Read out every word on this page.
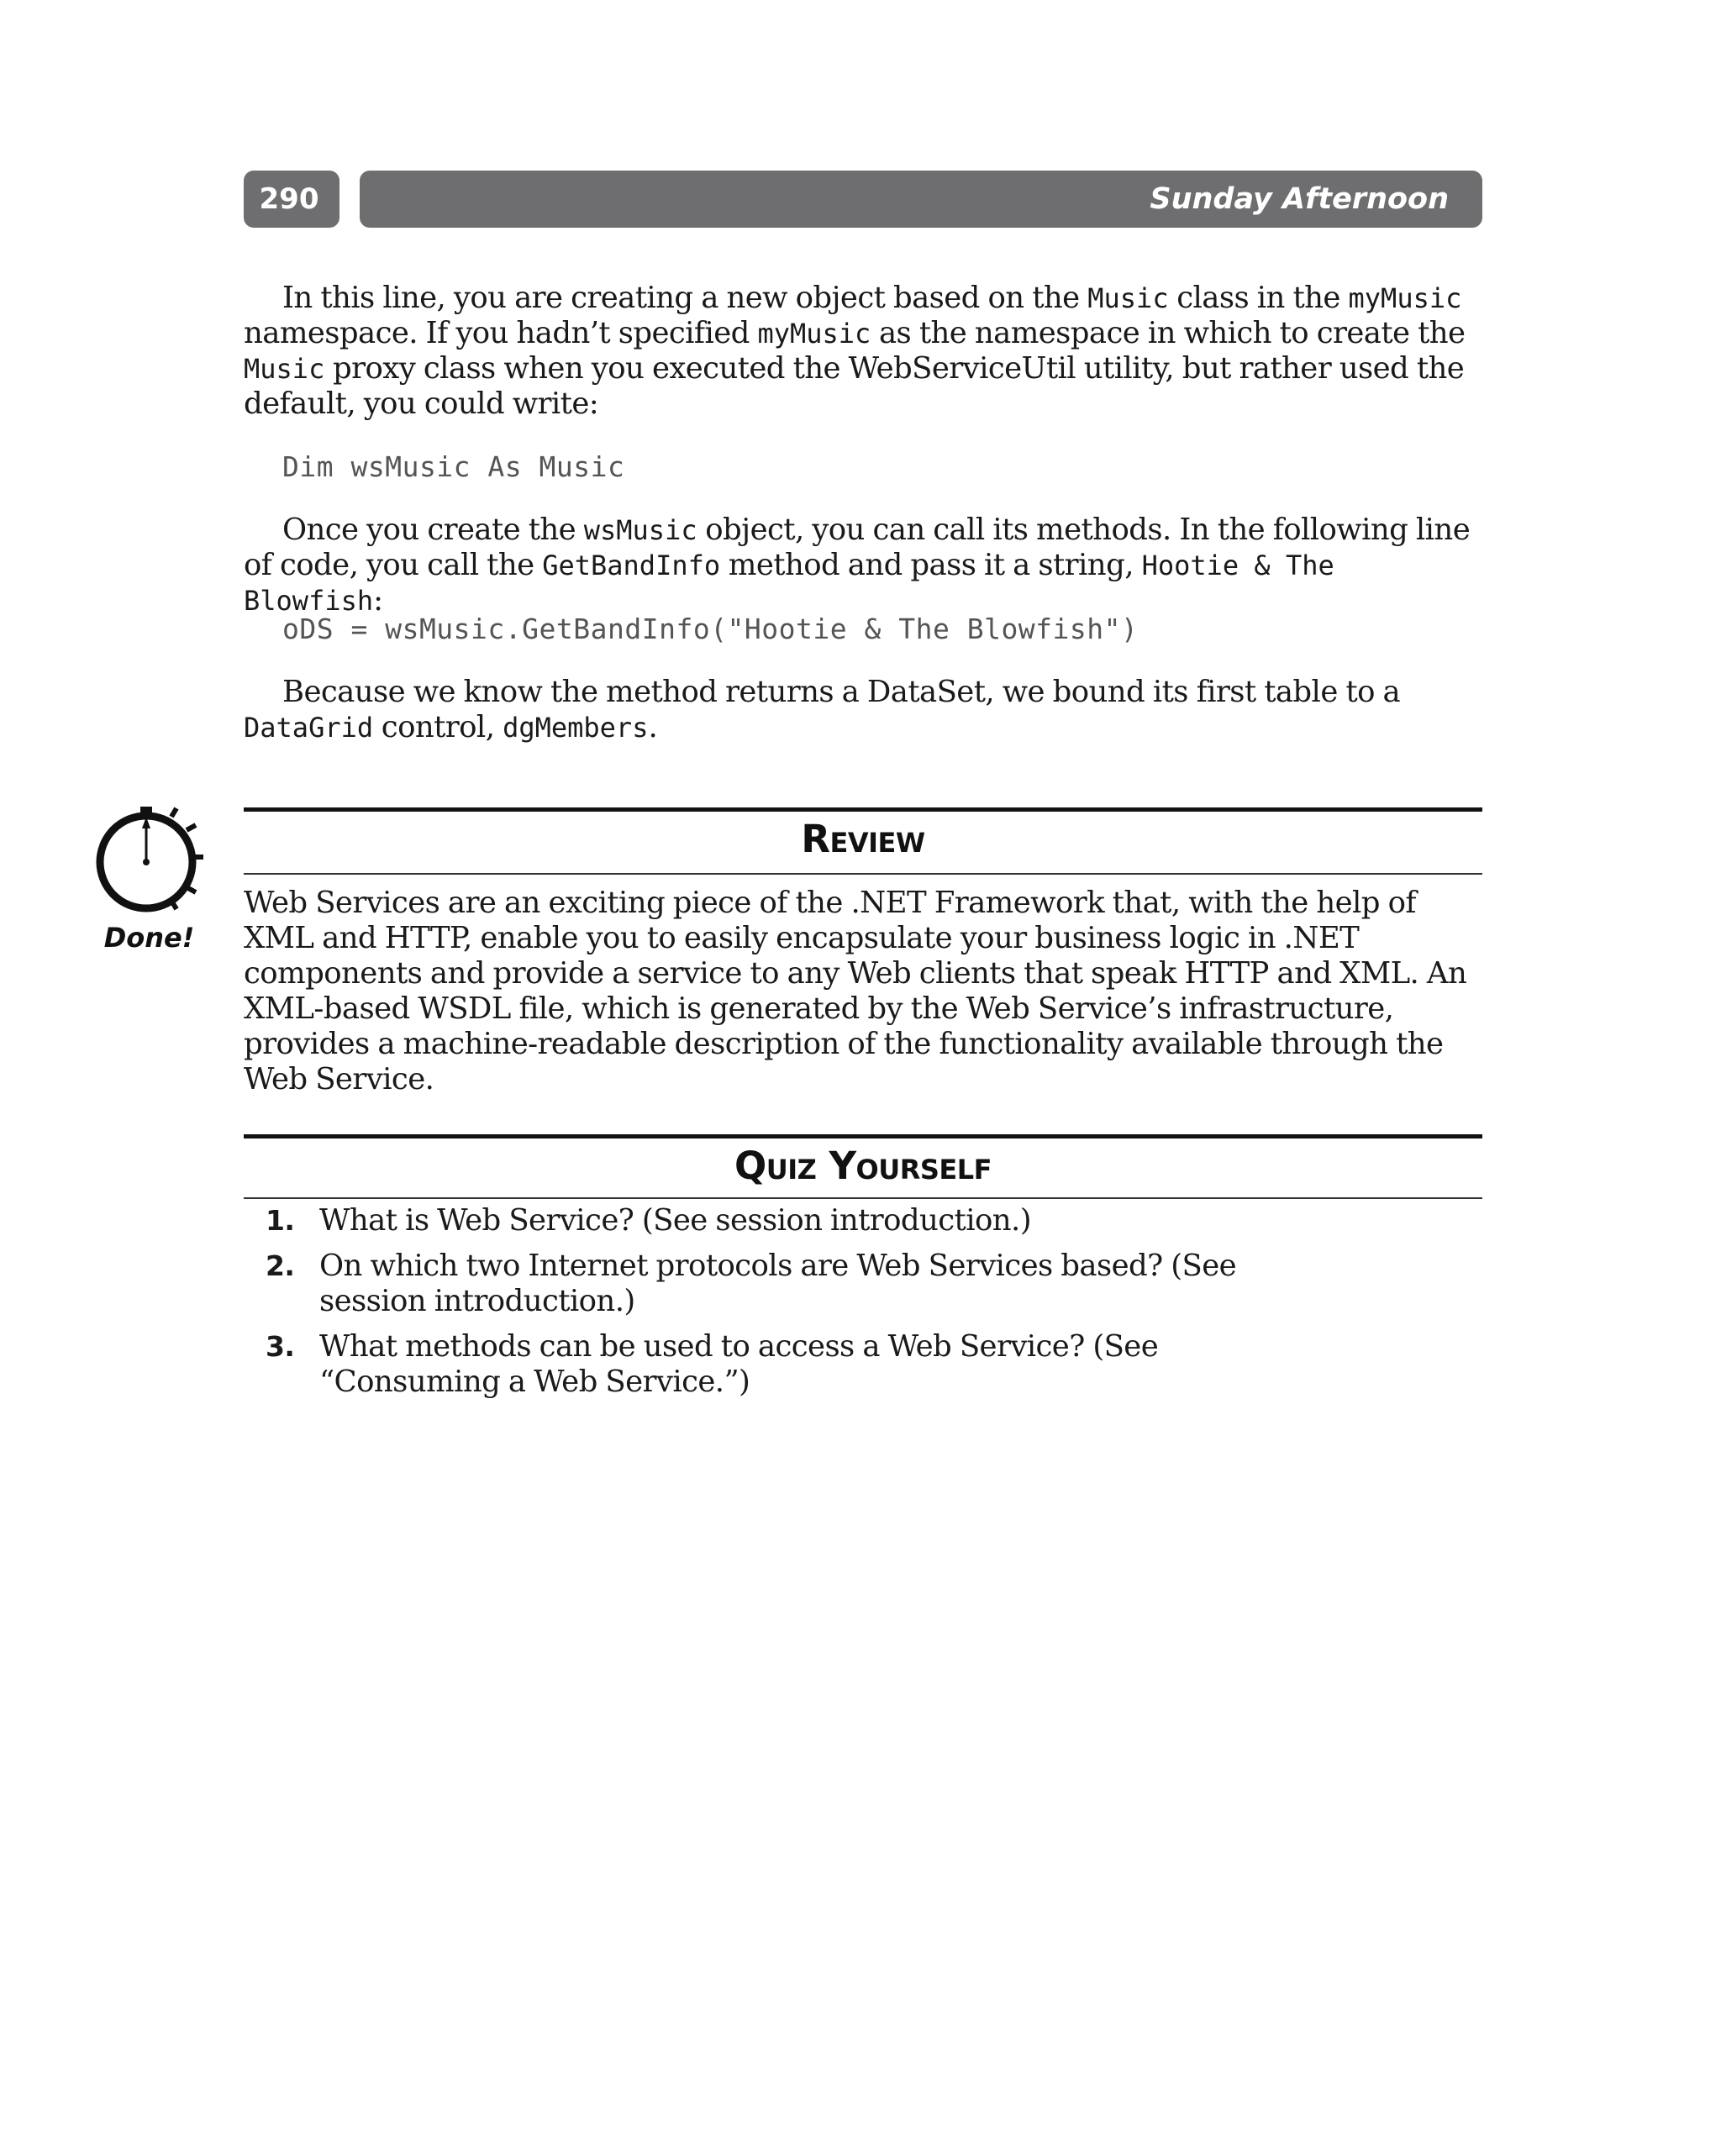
290	Sunday Afternoon

In this line, you are creating a new object based on the Music class in the myMusic namespace. If you hadn’t specified myMusic as the namespace in which to create the Music proxy class when you executed the WebServiceUtil utility, but rather used the default, you could write:

Dim wsMusic As Music

Once you create the wsMusic object, you can call its methods. In the following line of code, you call the GetBandInfo method and pass it a string, Hootie & The Blowfish:

oDS = wsMusic.GetBandInfo("Hootie & The Blowfish")

Because we know the method returns a DataSet, we bound its first table to a DataGrid control, dgMembers.

Review
Done!

Web Services are an exciting piece of the .NET Framework that, with the help of XML and HTTP, enable you to easily encapsulate your business logic in .NET components and provide a service to any Web clients that speak HTTP and XML. An XML-based WSDL file, which is generated by the Web Service’s infrastructure, provides a machine-readable description of the functionality available through the Web Service.

Quiz Yourself
1. What is Web Service? (See session introduction.)
2. On which two Internet protocols are Web Services based? (See session introduction.)
3. What methods can be used to access a Web Service? (See “Consuming a Web Service.”)
